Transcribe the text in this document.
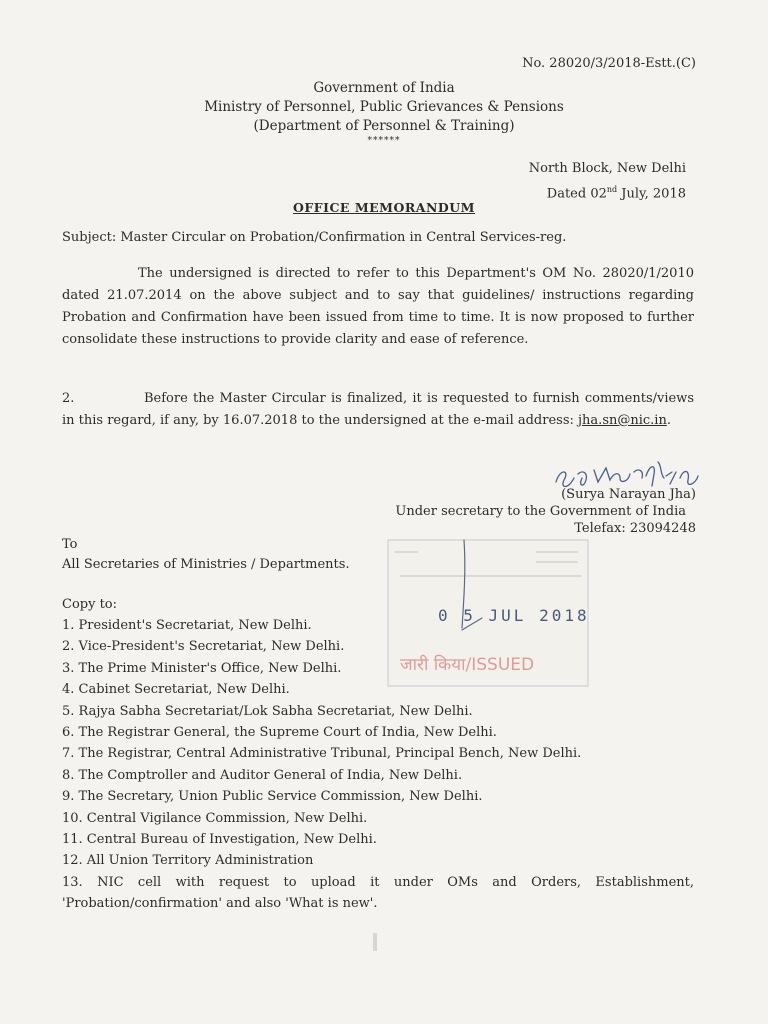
No. 28020/3/2018-Estt.(C)

Government of India

Ministry of Personnel, Public Grievances & Pensions

(Department of Personnel & Training)

******

North Block, New Delhi
Dated 02nd July, 2018

OFFICE MEMORANDUM

Subject: Master Circular on Probation/Confirmation in Central Services-reg.

The undersigned is directed to refer to this Department's OM No. 28020/1/2010 dated 21.07.2014 on the above subject and to say that guidelines/ instructions regarding Probation and Confirmation have been issued from time to time. It is now proposed to further consolidate these instructions to provide clarity and ease of reference.

2.	Before the Master Circular is finalized, it is requested to furnish comments/views in this regard, if any, by 16.07.2018 to the undersigned at the e-mail address: jha.sn@nic.in.

(Surya Narayan Jha)
Under secretary to the Government of India
Telefax: 23094248

To

All Secretaries of Ministries / Departments.

Copy to:

1. President's Secretariat, New Delhi.
2. Vice-President's Secretariat, New Delhi.
3. The Prime Minister's Office, New Delhi.
4. Cabinet Secretariat, New Delhi.
5. Rajya Sabha Secretariat/Lok Sabha Secretariat, New Delhi.
6. The Registrar General, the Supreme Court of India, New Delhi.
7. The Registrar, Central Administrative Tribunal, Principal Bench, New Delhi.
8. The Comptroller and Auditor General of India, New Delhi.
9. The Secretary, Union Public Service Commission, New Delhi.
10. Central Vigilance Commission, New Delhi.
11. Central Bureau of Investigation, New Delhi.
12. All Union Territory Administration
13. NIC cell with request to upload it under OMs and Orders, Establishment, 'Probation/confirmation' and also 'What is new'.

0 5 JUL 2018

जारी किया/ISSUED
